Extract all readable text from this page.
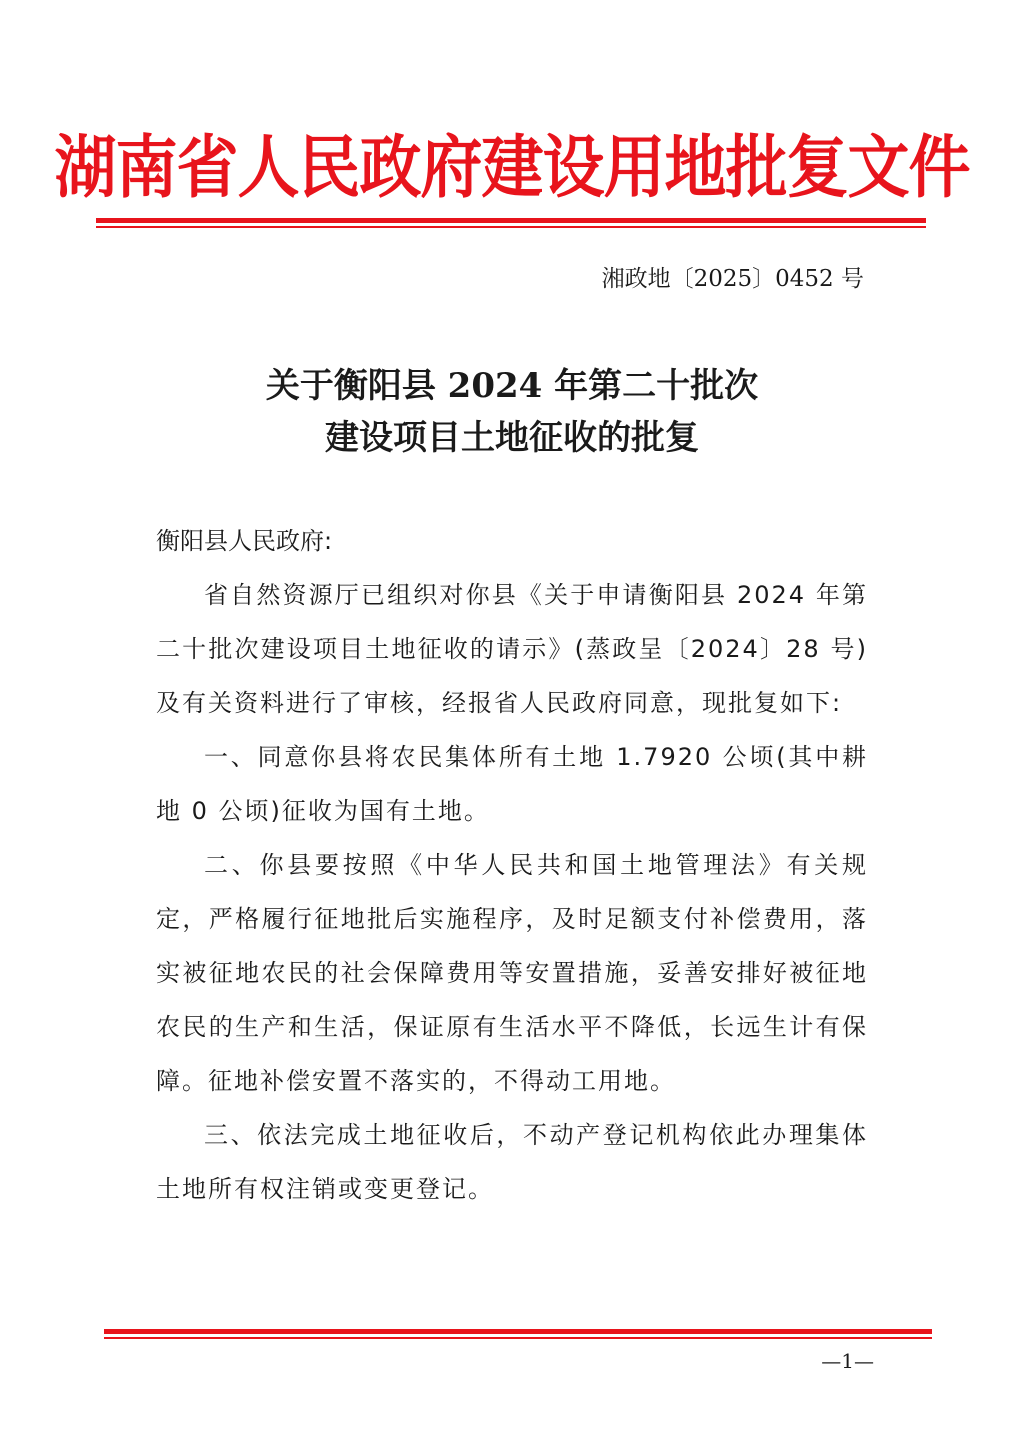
湖南省人民政府建设用地批复文件
湘政地〔2025〕0452 号
关于衡阳县 2024 年第二十批次
建设项目土地征收的批复

衡阳县人民政府:

省自然资源厅已组织对你县《关于申请衡阳县 2024 年第二十批次建设项目土地征收的请示》(蒸政呈〔2024〕28 号)及有关资料进行了审核，经报省人民政府同意，现批复如下:

一、同意你县将农民集体所有土地 1.7920 公顷(其中耕地 0 公顷)征收为国有土地。

二、你县要按照《中华人民共和国土地管理法》有关规定，严格履行征地批后实施程序，及时足额支付补偿费用，落实被征地农民的社会保障费用等安置措施，妥善安排好被征地农民的生产和生活，保证原有生活水平不降低，长远生计有保障。征地补偿安置不落实的，不得动工用地。

三、依法完成土地征收后，不动产登记机构依此办理集体土地所有权注销或变更登记。

—1—
